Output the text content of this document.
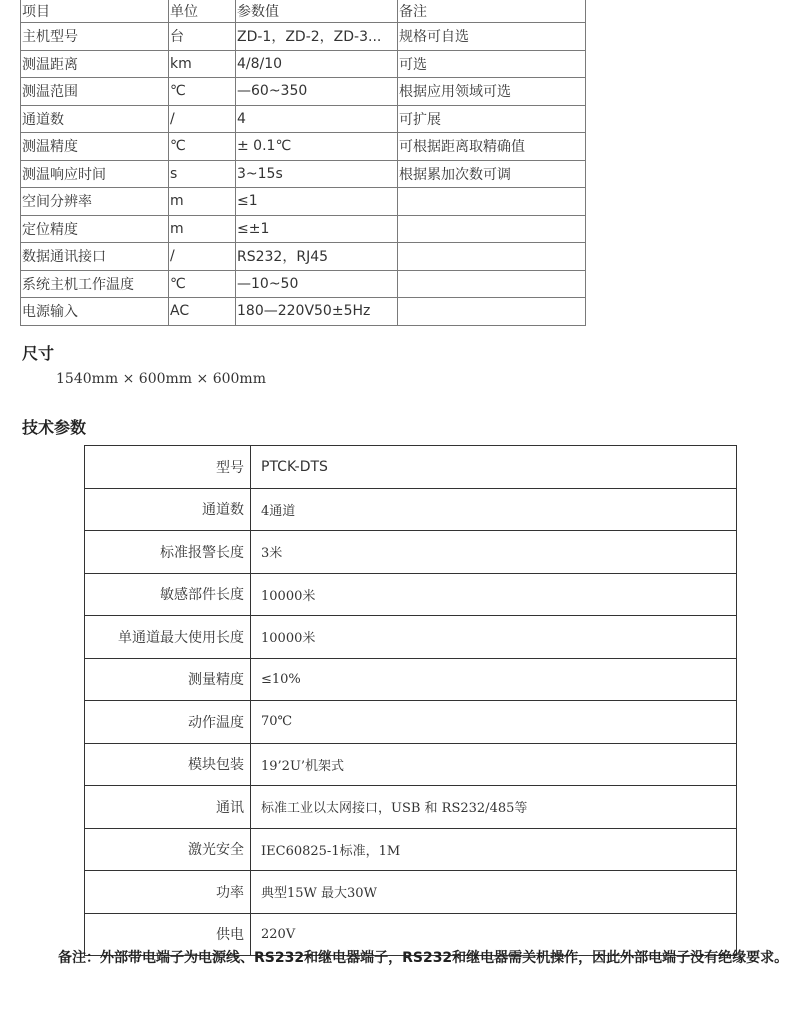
项目	单位	参数值	备注
主机型号	台	ZD-1，ZD-2，ZD-3...	规格可自选
测温距离	km	4/8/10	可选
测温范围	℃	—60~350	根据应用领域可选
通道数	/	4	可扩展
测温精度	℃	± 0.1℃	可根据距离取精确值
测温响应时间	s	3~15s	根据累加次数可调
空间分辨率	m	≤1	
定位精度	m	≤±1	
数据通讯接口	/	RS232，RJ45	
系统主机工作温度	℃	—10~50	
电源输入	AC	180—220V50±5Hz	
尺寸
1540mm × 600mm × 600mm
技术参数
型号	PTCK-DTS
通道数	4通道
标准报警长度	3米
敏感部件长度	10000米
单通道最大使用长度	10000米
测量精度	≤10%
动作温度	70℃
模块包装	19’2U’机架式
通讯	标准工业以太网接口，USB 和 RS232/485等
激光安全	IEC60825-1标准，1M
功率	典型15W 最大30W
供电	220V
备注：外部带电端子为电源线、RS232和继电器端子，RS232和继电器需关机操作，因此外部电端子没有绝缘要求。
